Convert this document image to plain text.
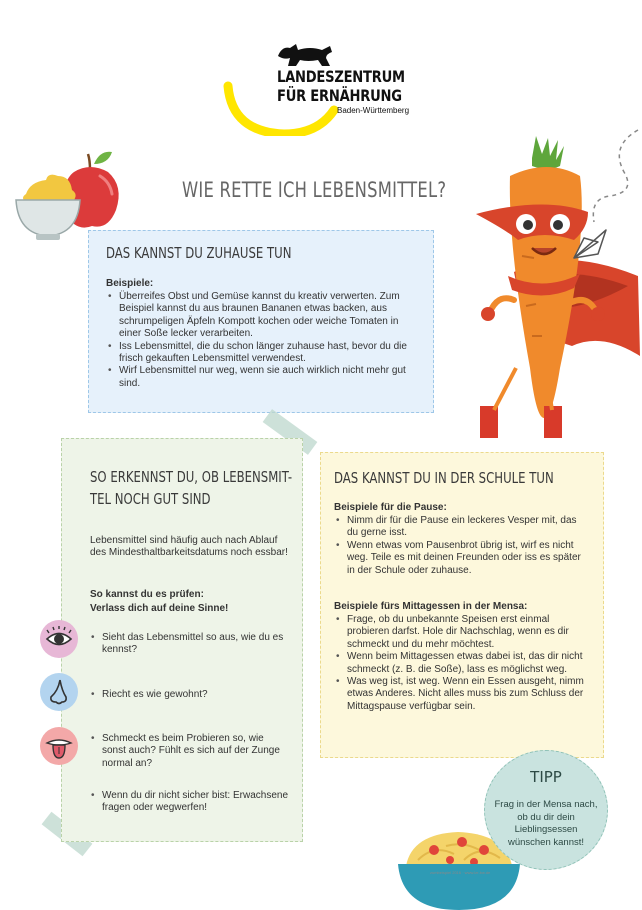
LANDESZENTRUM
FÜR ERNÄHRUNG
Baden-Württemberg
WIE RETTE ICH LEBENSMITTEL?
DAS KANNST DU ZUHAUSE TUN
Beispiele:
• Überreifes Obst und Gemüse kannst du kreativ verwerten. Zum Beispiel kannst du aus braunen Bananen etwas backen, aus schrumpeligen Äpfeln Kompott kochen oder weiche Tomaten in einer Soße lecker verarbeiten.
• Iss Lebensmittel, die du schon länger zuhause hast, bevor du die frisch gekauften Lebensmittel verwendest.
• Wirf Lebensmittel nur weg, wenn sie auch wirklich nicht mehr gut sind.
SO ERKENNST DU, OB LEBENSMIT-
TEL NOCH GUT SIND
Lebensmittel sind häufig auch nach Ablauf des Mindesthaltbarkeitsdatums noch essbar!
So kannst du es prüfen:
Verlass dich auf deine Sinne!
• Sieht das Lebensmittel so aus, wie du es kennst?
• Riecht es wie gewohnt?
• Schmeckt es beim Probieren so, wie sonst auch? Fühlt es sich auf der Zunge normal an?
• Wenn du dir nicht sicher bist: Erwachsene fragen oder wegwerfen!
DAS KANNST DU IN DER SCHULE TUN
Beispiele für die Pause:
• Nimm dir für die Pause ein leckeres Vesper mit, das du gerne isst.
• Wenn etwas vom Pausenbrot übrig ist, wirf es nicht weg. Teile es mit deinen Freunden oder iss es später in der Schule oder zuhause.
Beispiele fürs Mittagessen in der Mensa:
• Frage, ob du unbekannte Speisen erst einmal probieren darfst. Hole dir Nachschlag, wenn es dir schmeckt und du mehr möchtest.
• Wenn beim Mittagessen etwas dabei ist, das dir nicht schmeckt (z. B. die Soße), lass es möglichst weg.
• Was weg ist, ist weg. Wenn ein Essen ausgeht, nimm etwas Anderes. Nicht alles muss bis zum Schluss der Mittagspause verfügbar sein.
TIPP
Frag in der Mensa nach, ob du dir dein Lieblingsessen wünschen kannst!
zumbeispiel 2016 · www.lzr-bw.de
